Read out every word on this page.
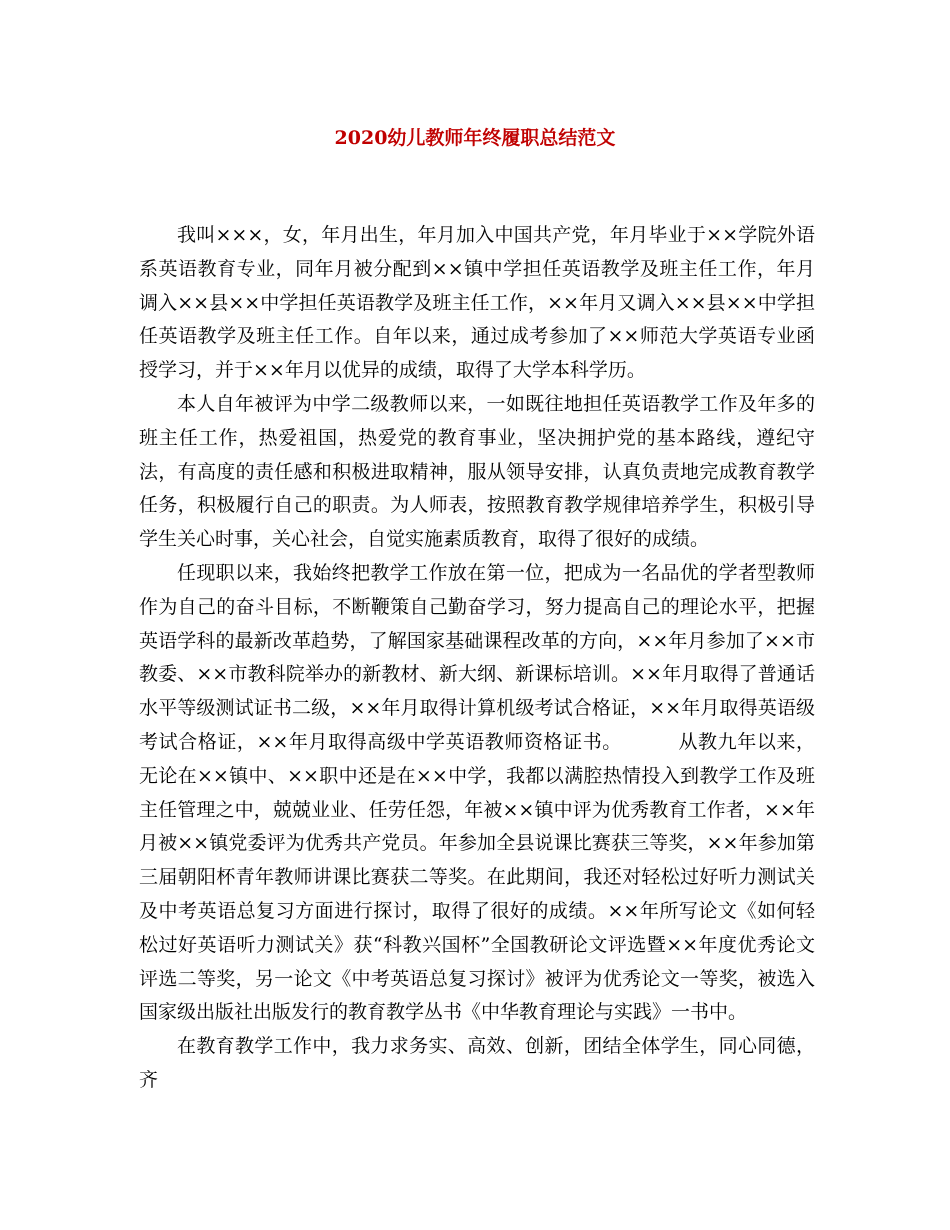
2020幼儿教师年终履职总结范文

我叫×××，女，年月出生，年月加入中国共产党，年月毕业于××学院外语系英语教育专业，同年月被分配到××镇中学担任英语教学及班主任工作，年月调入××县××中学担任英语教学及班主任工作，××年月又调入××县××中学担任英语教学及班主任工作。自年以来，通过成考参加了××师范大学英语专业函授学习，并于××年月以优异的成绩，取得了大学本科学历。

本人自年被评为中学二级教师以来，一如既往地担任英语教学工作及年多的班主任工作，热爱祖国，热爱党的教育事业，坚决拥护党的基本路线，遵纪守法，有高度的责任感和积极进取精神，服从领导安排，认真负责地完成教育教学任务，积极履行自己的职责。为人师表，按照教育教学规律培养学生，积极引导学生关心时事，关心社会，自觉实施素质教育，取得了很好的成绩。

任现职以来，我始终把教学工作放在第一位，把成为一名品优的学者型教师作为自己的奋斗目标，不断鞭策自己勤奋学习，努力提高自己的理论水平，把握英语学科的最新改革趋势，了解国家基础课程改革的方向，××年月参加了××市教委、××市教科院举办的新教材、新大纲、新课标培训。××年月取得了普通话水平等级测试证书二级，××年月取得计算机级考试合格证，××年月取得英语级考试合格证，××年月取得高级中学英语教师资格证书。	从教九年以来，无论在××镇中、××职中还是在××中学，我都以满腔热情投入到教学工作及班主任管理之中，兢兢业业、任劳任怨，年被××镇中评为优秀教育工作者，××年月被××镇党委评为优秀共产党员。年参加全县说课比赛获三等奖，××年参加第三届朝阳杯青年教师讲课比赛获二等奖。在此期间，我还对轻松过好听力测试关及中考英语总复习方面进行探讨，取得了很好的成绩。××年所写论文《如何轻松过好英语听力测试关》获“科教兴国杯”全国教研论文评选暨××年度优秀论文评选二等奖，另一论文《中考英语总复习探讨》被评为优秀论文一等奖，被选入国家级出版社出版发行的教育教学丛书《中华教育理论与实践》一书中。

在教育教学工作中，我力求务实、高效、创新，团结全体学生，同心同德，齐
